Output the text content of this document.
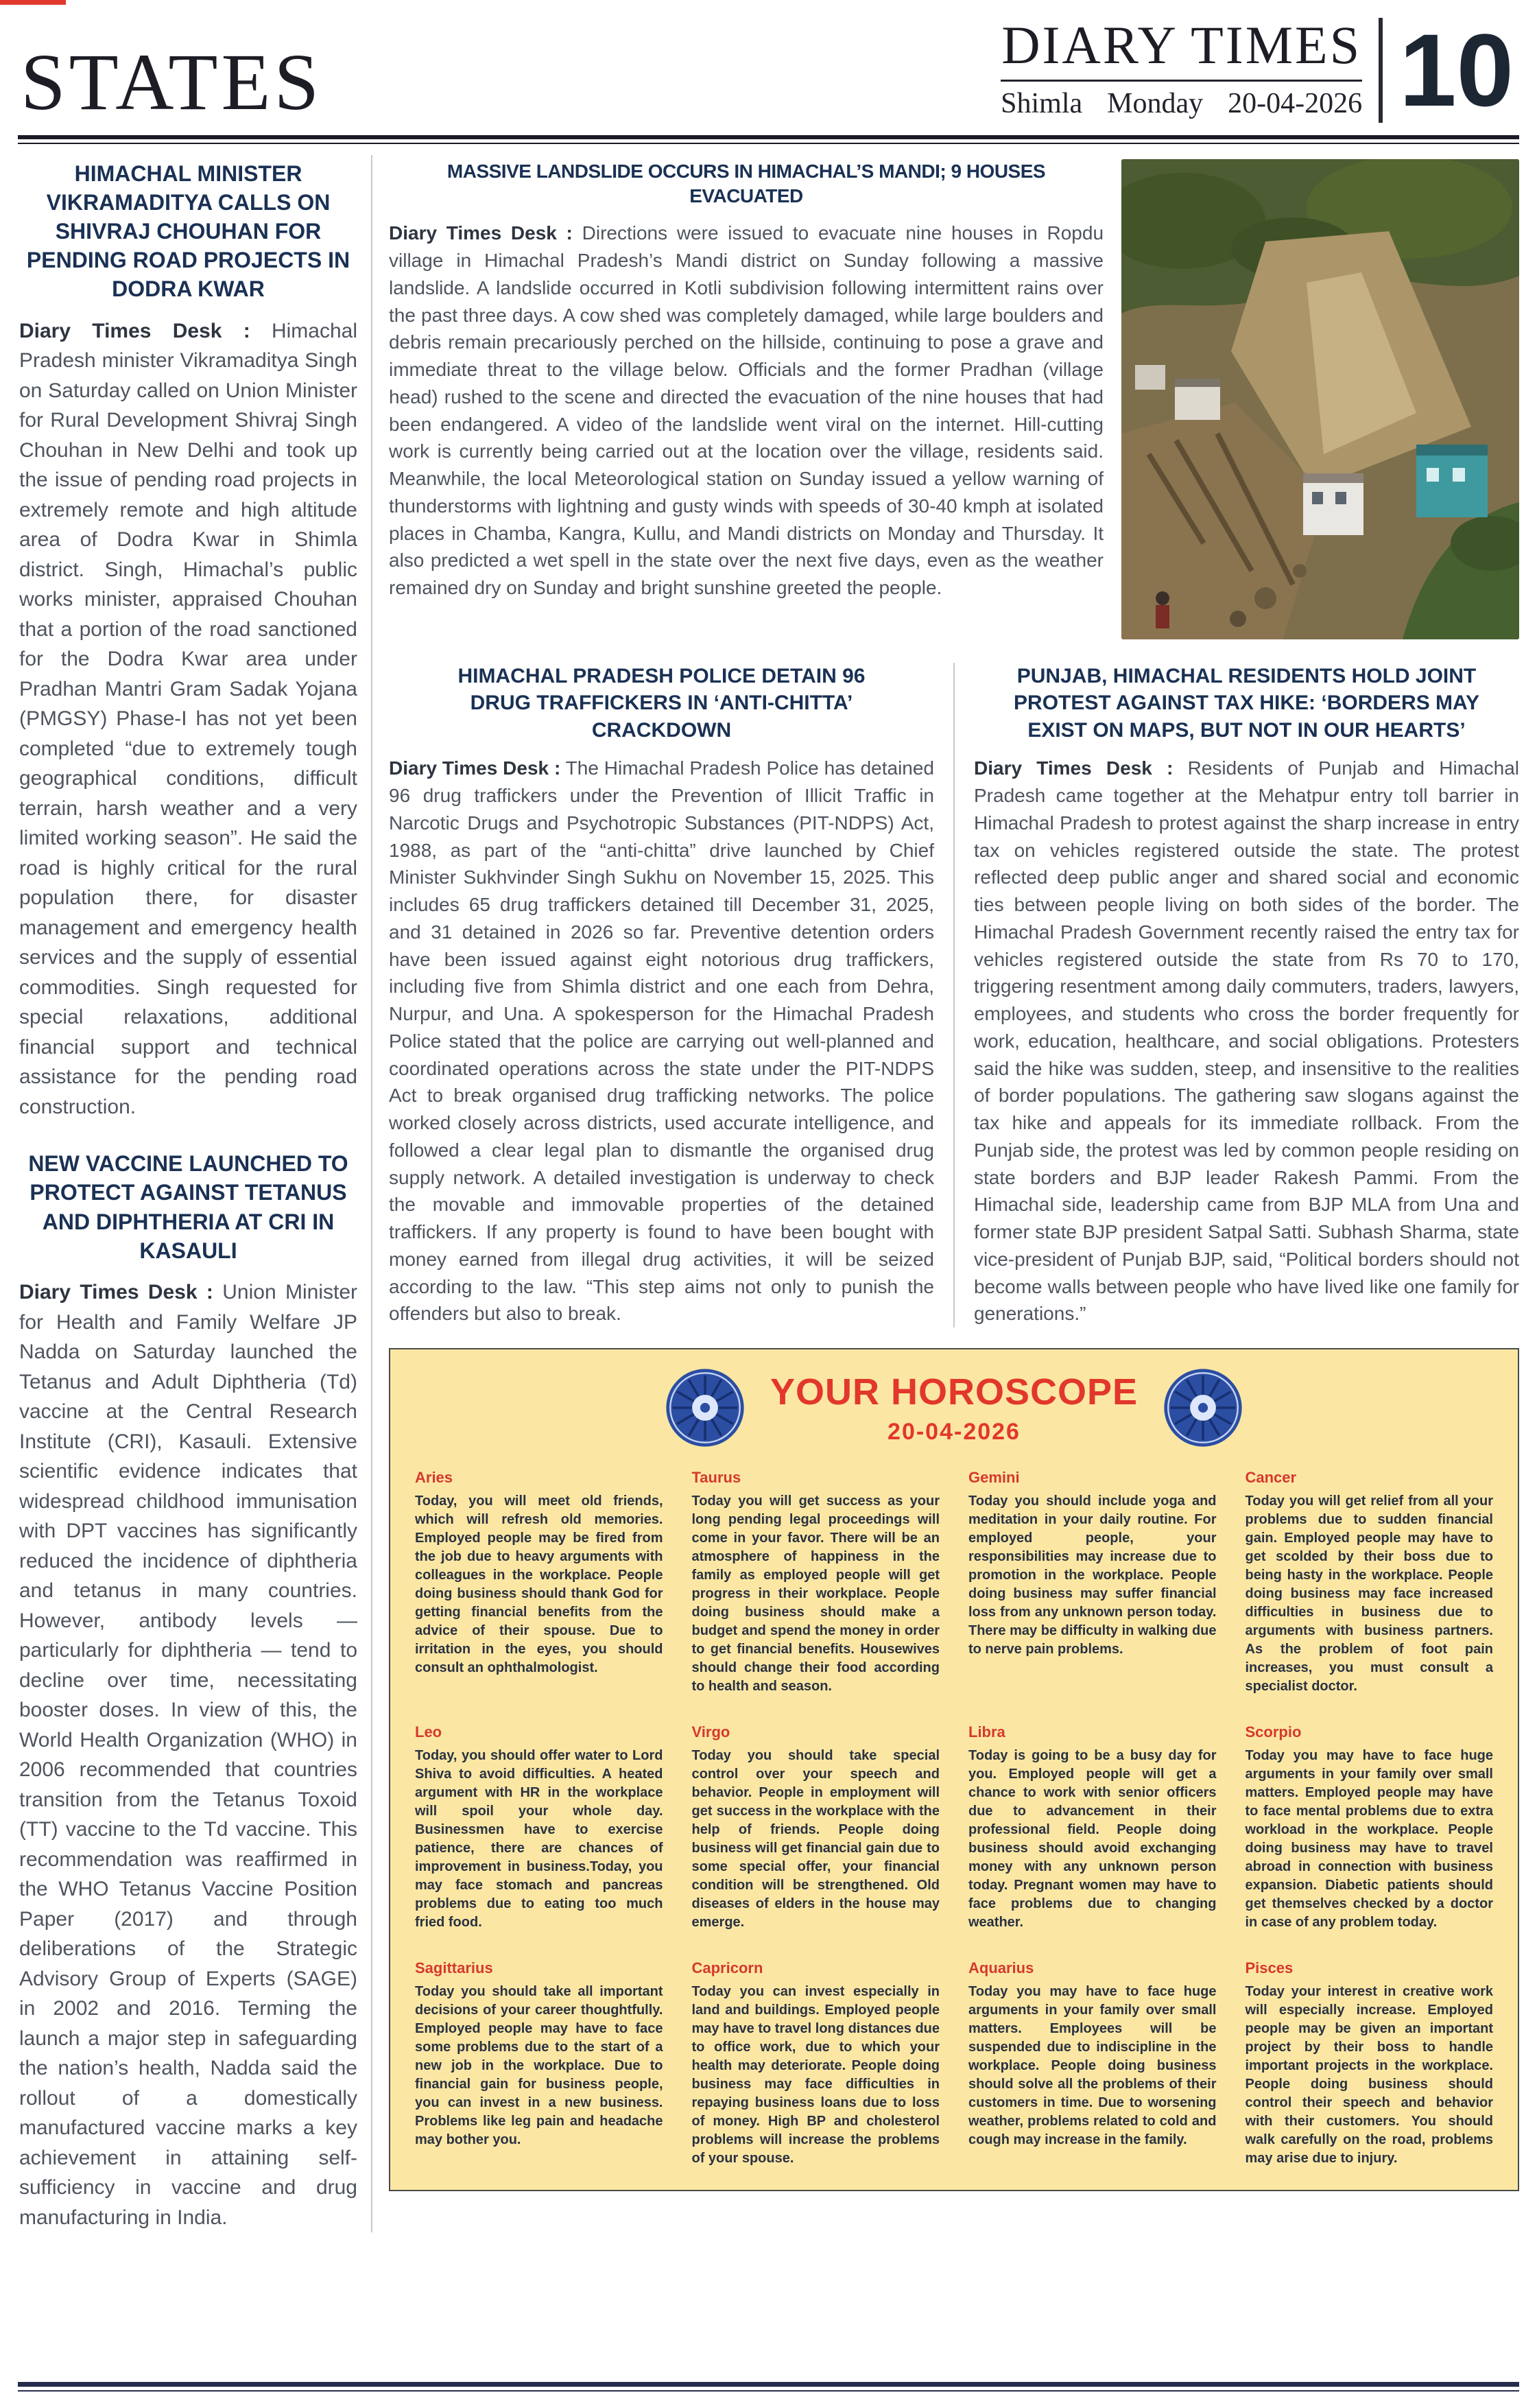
STATES	DIARY TIMES
Shimla Monday 20-04-2026 10
HIMACHAL MINISTER VIKRAMADITYA CALLS ON SHIVRAJ CHOUHAN FOR PENDING ROAD PROJECTS IN DODRA KWAR

Diary Times Desk : Himachal Pradesh minister Vikramaditya Singh on Saturday called on Union Minister for Rural Development Shivraj Singh Chouhan in New Delhi and took up the issue of pending road projects in extremely remote and high altitude area of Dodra Kwar in Shimla district. Singh, Himachal’s public works minister, appraised Chouhan that a portion of the road sanctioned for the Dodra Kwar area under Pradhan Mantri Gram Sadak Yojana (PMGSY) Phase-I has not yet been completed “due to extremely tough geographical conditions, difficult terrain, harsh weather and a very limited working season”. He said the road is highly critical for the rural population there, for disaster management and emergency health services and the supply of essential commodities. Singh requested for special relaxations, additional financial support and technical assistance for the pending road construction.

NEW VACCINE LAUNCHED TO PROTECT AGAINST TETANUS AND DIPHTHERIA AT CRI IN KASAULI

Diary Times Desk : Union Minister for Health and Family Welfare JP Nadda on Saturday launched the Tetanus and Adult Diphtheria (Td) vaccine at the Central Research Institute (CRI), Kasauli. Extensive scientific evidence indicates that widespread childhood immunisation with DPT vaccines has significantly reduced the incidence of diphtheria and tetanus in many countries. However, antibody levels — particularly for diphtheria — tend to decline over time, necessitating booster doses. In view of this, the World Health Organization (WHO) in 2006 recommended that countries transition from the Tetanus Toxoid (TT) vaccine to the Td vaccine. This recommendation was reaffirmed in the WHO Tetanus Vaccine Position Paper (2017) and through deliberations of the Strategic Advisory Group of Experts (SAGE) in 2002 and 2016. Terming the launch a major step in safeguarding the nation’s health, Nadda said the rollout of a domestically manufactured vaccine marks a key achievement in attaining self-sufficiency in vaccine and drug manufacturing in India.

MASSIVE LANDSLIDE OCCURS IN HIMACHAL’S MANDI; 9 HOUSES EVACUATED

Diary Times Desk : Directions were issued to evacuate nine houses in Ropdu village in Himachal Pradesh’s Mandi district on Sunday following a massive landslide. A landslide occurred in Kotli subdivision following intermittent rains over the past three days. A cow shed was completely damaged, while large boulders and debris remain precariously perched on the hillside, continuing to pose a grave and immediate threat to the village below. Officials and the former Pradhan (village head) rushed to the scene and directed the evacuation of the nine houses that had been endangered. A video of the landslide went viral on the internet. Hill-cutting work is currently being carried out at the location over the village, residents said. Meanwhile, the local Meteorological station on Sunday issued a yellow warning of thunderstorms with lightning and gusty winds with speeds of 30-40 kmph at isolated places in Chamba, Kangra, Kullu, and Mandi districts on Monday and Thursday. It also predicted a wet spell in the state over the next five days, even as the weather remained dry on Sunday and bright sunshine greeted the people.

HIMACHAL PRADESH POLICE DETAIN 96 DRUG TRAFFICKERS IN ‘ANTI-CHITTA’ CRACKDOWN

Diary Times Desk : The Himachal Pradesh Police has detained 96 drug traffickers under the Prevention of Illicit Traffic in Narcotic Drugs and Psychotropic Substances (PIT-NDPS) Act, 1988, as part of the “anti-chitta” drive launched by Chief Minister Sukhvinder Singh Sukhu on November 15, 2025. This includes 65 drug traffickers detained till December 31, 2025, and 31 detained in 2026 so far. Preventive detention orders have been issued against eight notorious drug traffickers, including five from Shimla district and one each from Dehra, Nurpur, and Una. A spokesperson for the Himachal Pradesh Police stated that the police are carrying out well-planned and coordinated operations across the state under the PIT-NDPS Act to break organised drug trafficking networks. The police worked closely across districts, used accurate intelligence, and followed a clear legal plan to dismantle the organised drug supply network. A detailed investigation is underway to check the movable and immovable properties of the detained traffickers. If any property is found to have been bought with money earned from illegal drug activities, it will be seized according to the law. “This step aims not only to punish the offenders but also to break.

PUNJAB, HIMACHAL RESIDENTS HOLD JOINT PROTEST AGAINST TAX HIKE: ‘BORDERS MAY EXIST ON MAPS, BUT NOT IN OUR HEARTS’

Diary Times Desk : Residents of Punjab and Himachal Pradesh came together at the Mehatpur entry toll barrier in Himachal Pradesh to protest against the sharp increase in entry tax on vehicles registered outside the state. The protest reflected deep public anger and shared social and economic ties between people living on both sides of the border. The Himachal Pradesh Government recently raised the entry tax for vehicles registered outside the state from Rs 70 to 170, triggering resentment among daily commuters, traders, lawyers, employees, and students who cross the border frequently for work, education, healthcare, and social obligations. Protesters said the hike was sudden, steep, and insensitive to the realities of border populations. The gathering saw slogans against the tax hike and appeals for its immediate rollback. From the Punjab side, the protest was led by common people residing on state borders and BJP leader Rakesh Pammi. From the Himachal side, leadership came from BJP MLA from Una and former state BJP president Satpal Satti. Subhash Sharma, state vice-president of Punjab BJP, said, “Political borders should not become walls between people who have lived like one family for generations.”

YOUR HOROSCOPE
20-04-2026
Aries

Today, you will meet old friends, which will refresh old memories. Employed people may be fired from the job due to heavy arguments with colleagues in the workplace. People doing business should thank God for getting financial benefits from the advice of their spouse. Due to irritation in the eyes, you should consult an ophthalmologist.

Taurus

Today you will get success as your long pending legal proceedings will come in your favor. There will be an atmosphere of happiness in the family as employed people will get progress in their workplace. People doing business should make a budget and spend the money in order to get financial benefits. Housewives should change their food according to health and season.

Gemini

Today you should include yoga and meditation in your daily routine. For employed people, your responsibilities may increase due to promotion in the workplace. People doing business may suffer financial loss from any unknown person today. There may be difficulty in walking due to nerve pain problems.

Cancer

Today you will get relief from all your problems due to sudden financial gain. Employed people may have to get scolded by their boss due to being hasty in the workplace. People doing business may face increased difficulties in business due to arguments with business partners. As the problem of foot pain increases, you must consult a specialist doctor.

Leo

Today, you should offer water to Lord Shiva to avoid difficulties. A heated argument with HR in the workplace will spoil your whole day. Businessmen have to exercise patience, there are chances of improvement in business.Today, you may face stomach and pancreas problems due to eating too much fried food.

Virgo

Today you should take special control over your speech and behavior. People in employment will get success in the workplace with the help of friends. People doing business will get financial gain due to some special offer, your financial condition will be strengthened. Old diseases of elders in the house may emerge.

Libra

Today is going to be a busy day for you. Employed people will get a chance to work with senior officers due to advancement in their professional field. People doing business should avoid exchanging money with any unknown person today. Pregnant women may have to face problems due to changing weather.

Scorpio

Today you may have to face huge arguments in your family over small matters. Employed people may have to face mental problems due to extra workload in the workplace. People doing business may have to travel abroad in connection with business expansion. Diabetic patients should get themselves checked by a doctor in case of any problem today.

Sagittarius

Today you should take all important decisions of your career thoughtfully. Employed people may have to face some problems due to the start of a new job in the workplace. Due to financial gain for business people, you can invest in a new business. Problems like leg pain and headache may bother you.

Capricorn

Today you can invest especially in land and buildings. Employed people may have to travel long distances due to office work, due to which your health may deteriorate. People doing business may face difficulties in repaying business loans due to loss of money. High BP and cholesterol problems will increase the problems of your spouse.

Aquarius

Today you may have to face huge arguments in your family over small matters. Employees will be suspended due to indiscipline in the workplace. People doing business should solve all the problems of their customers in time. Due to worsening weather, problems related to cold and cough may increase in the family.

Pisces

Today your interest in creative work will especially increase. Employed people may be given an important project by their boss to handle important projects in the workplace. People doing business should control their speech and behavior with their customers. You should walk carefully on the road, problems may arise due to injury.
